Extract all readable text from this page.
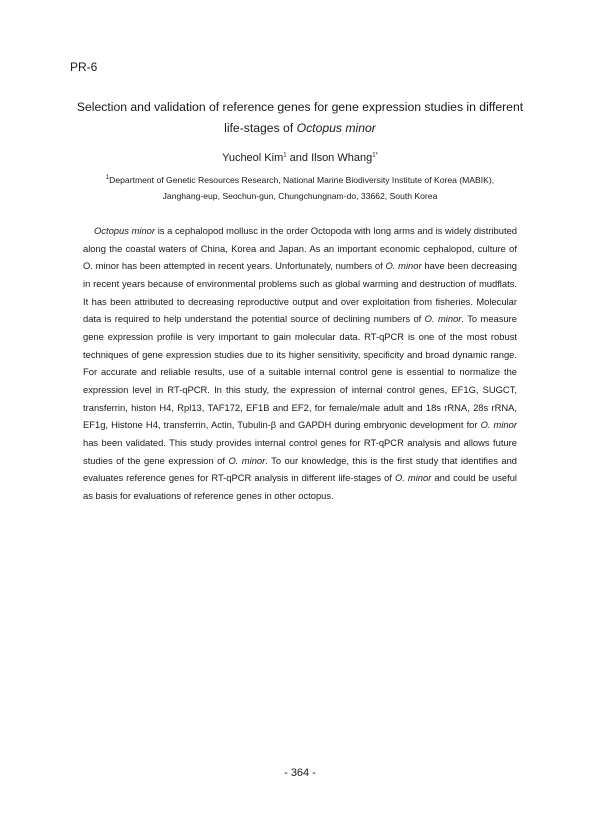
PR-6
Selection and validation of reference genes for gene expression studies in different
life-stages of Octopus minor
Yucheol Kim$^1$ and Ilson Whang$^{1*}$
$^1$Department of Genetic Resources Research, National Marine Biodiversity Institute of Korea (MABIK),
Janghang-eup, Seochun-gun, Chungchungnam-do, 33662, South Korea

Octopus minor is a cephalopod mollusc in the order Octopoda with long arms and is widely distributed along the coastal waters of China, Korea and Japan. As an important economic cephalopod, culture of O. minor has been attempted in recent years. Unfortunately, numbers of O. minor have been decreasing in recent years because of environmental problems such as global warming and destruction of mudflats. It has been attributed to decreasing reproductive output and over exploitation from fisheries. Molecular data is required to help understand the potential source of declining numbers of O. minor. To measure gene expression profile is very important to gain molecular data. RT-qPCR is one of the most robust techniques of gene expression studies due to its higher sensitivity, specificity and broad dynamic range. For accurate and reliable results, use of a suitable internal control gene is essential to normalize the expression level in RT-qPCR. In this study, the expression of internal control genes, EF1G, SUGCT, transferrin, histon H4, Rpl13, TAF172, EF1B and EF2, for female/male adult and 18s rRNA, 28s rRNA, EF1g, Histone H4, transferrin, Actin, Tubulin-β and GAPDH during embryonic development for O. minor has been validated. This study provides internal control genes for RT-qPCR analysis and allows future studies of the gene expression of O. minor. To our knowledge, this is the first study that identifies and evaluates reference genes for RT-qPCR analysis in different life-stages of O. minor and could be useful as basis for evaluations of reference genes in other octopus.

- 364 -
